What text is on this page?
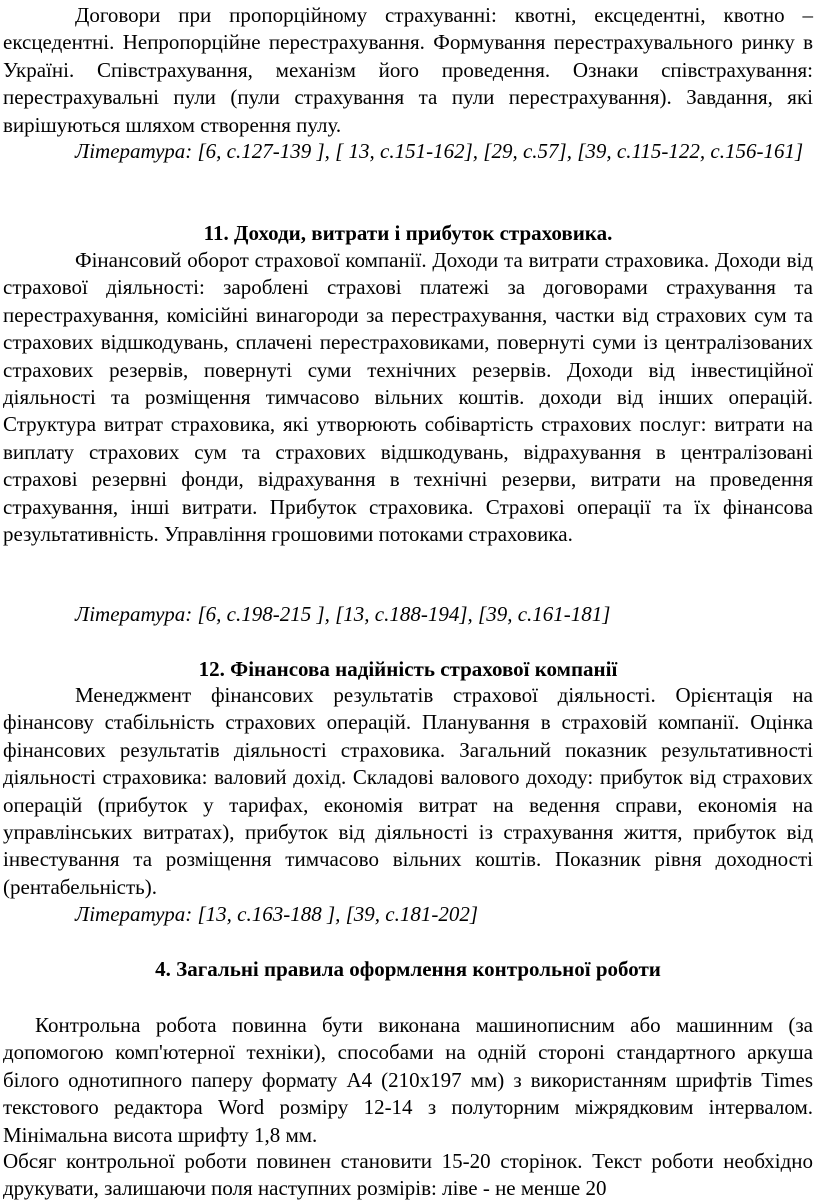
Договори при пропорційному страхуванні: квотні, ексцедентні, квотно – ексцедентні. Непропорційне перестрахування. Формування перестрахувального ринку в Україні. Співстрахування, механізм його проведення. Ознаки співстрахування: перестрахувальні пули (пули страхування та пули перестрахування). Завдання, які вирішуються шляхом створення пулу.

Література: [6, с.127-139 ], [ 13, с.151-162], [29, с.57], [39, с.115-122, с.156-161]

11. Доходи, витрати і прибуток страховика.

Фінансовий оборот страхової компанії. Доходи та витрати страховика. Доходи від страхової діяльності: зароблені страхові платежі за договорами страхування та перестрахування, комісійні винагороди за перестрахування, частки від страхових сум та страхових відшкодувань, сплачені перестраховиками, повернуті суми із централізованих страхових резервів, повернуті суми технічних резервів. Доходи від інвестиційної діяльності та розміщення тимчасово вільних коштів. доходи від інших операцій. Структура витрат страховика, які утворюють собівартість страхових послуг: витрати на виплату страхових сум та страхових відшкодувань, відрахування в централізовані страхові резервні фонди, відрахування в технічні резерви, витрати на проведення страхування, інші витрати. Прибуток страховика. Страхові операції та їх фінансова результативність. Управління грошовими потоками страховика.

Література: [6, с.198-215 ], [13, с.188-194], [39, с.161-181]

12. Фінансова надійність страхової компанії

Менеджмент фінансових результатів страхової діяльності. Орієнтація на фінансову стабільність страхових операцій. Планування в страховій компанії. Оцінка фінансових результатів діяльності страховика. Загальний показник результативності діяльності страховика: валовий дохід. Складові валового доходу: прибуток від страхових операцій (прибуток у тарифах, економія витрат на ведення справи, економія на управлінських витратах), прибуток від діяльності із страхування життя, прибуток від інвестування та розміщення тимчасово вільних коштів. Показник рівня доходності (рентабельність).

Література: [13, с.163-188 ], [39, с.181-202]

4. Загальні правила оформлення контрольної роботи

Контрольна робота повинна бути виконана машинописним або машинним (за допомогою комп'ютерної техніки), способами на одній стороні стандартного аркуша білого однотипного паперу формату А4 (210х197 мм) з використанням шрифтів Times текстового редактора Word розміру 12-14 з полуторним міжрядковим інтервалом. Мінімальна висота шрифту 1,8 мм.

Обсяг контрольної роботи повинен становити 15-20 сторінок. Текст роботи необхідно друкувати, залишаючи поля наступних розмірів: ліве - не менше 20
